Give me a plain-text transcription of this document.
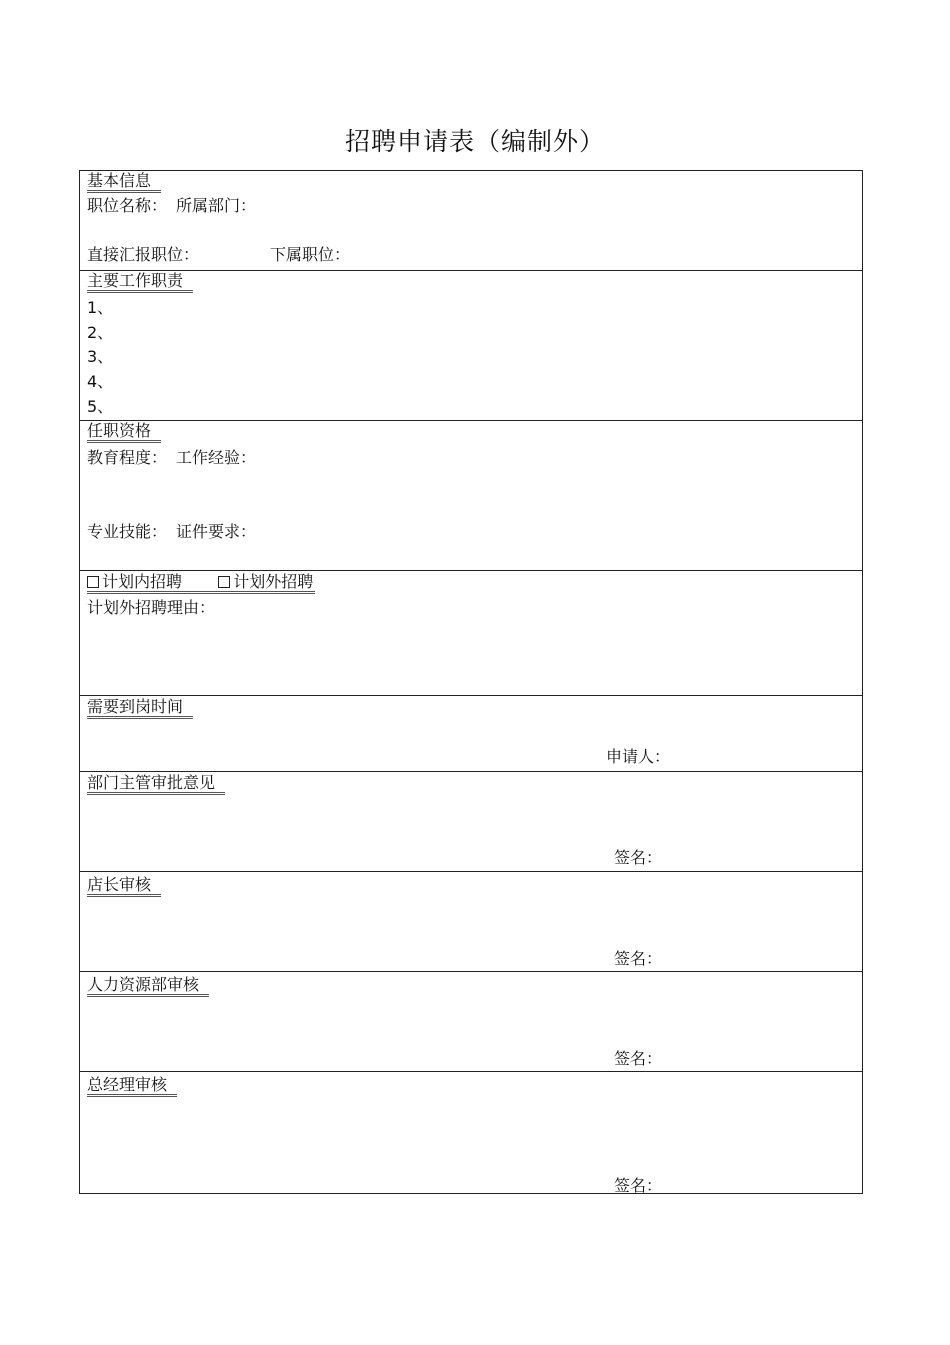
招聘申请表（编制外）
基本信息
职位名称： 所属部门：
直接汇报职位：	下属职位：
主要工作职责
1、
2、
3、
4、
5、
任职资格
教育程度： 工作经验：
专业技能： 证件要求：
计划内招聘	计划外招聘
计划外招聘理由：
需要到岗时间
申请人：
部门主管审批意见
签名：
店长审核
签名：
人力资源部审核
签名：
总经理审核
签名：
